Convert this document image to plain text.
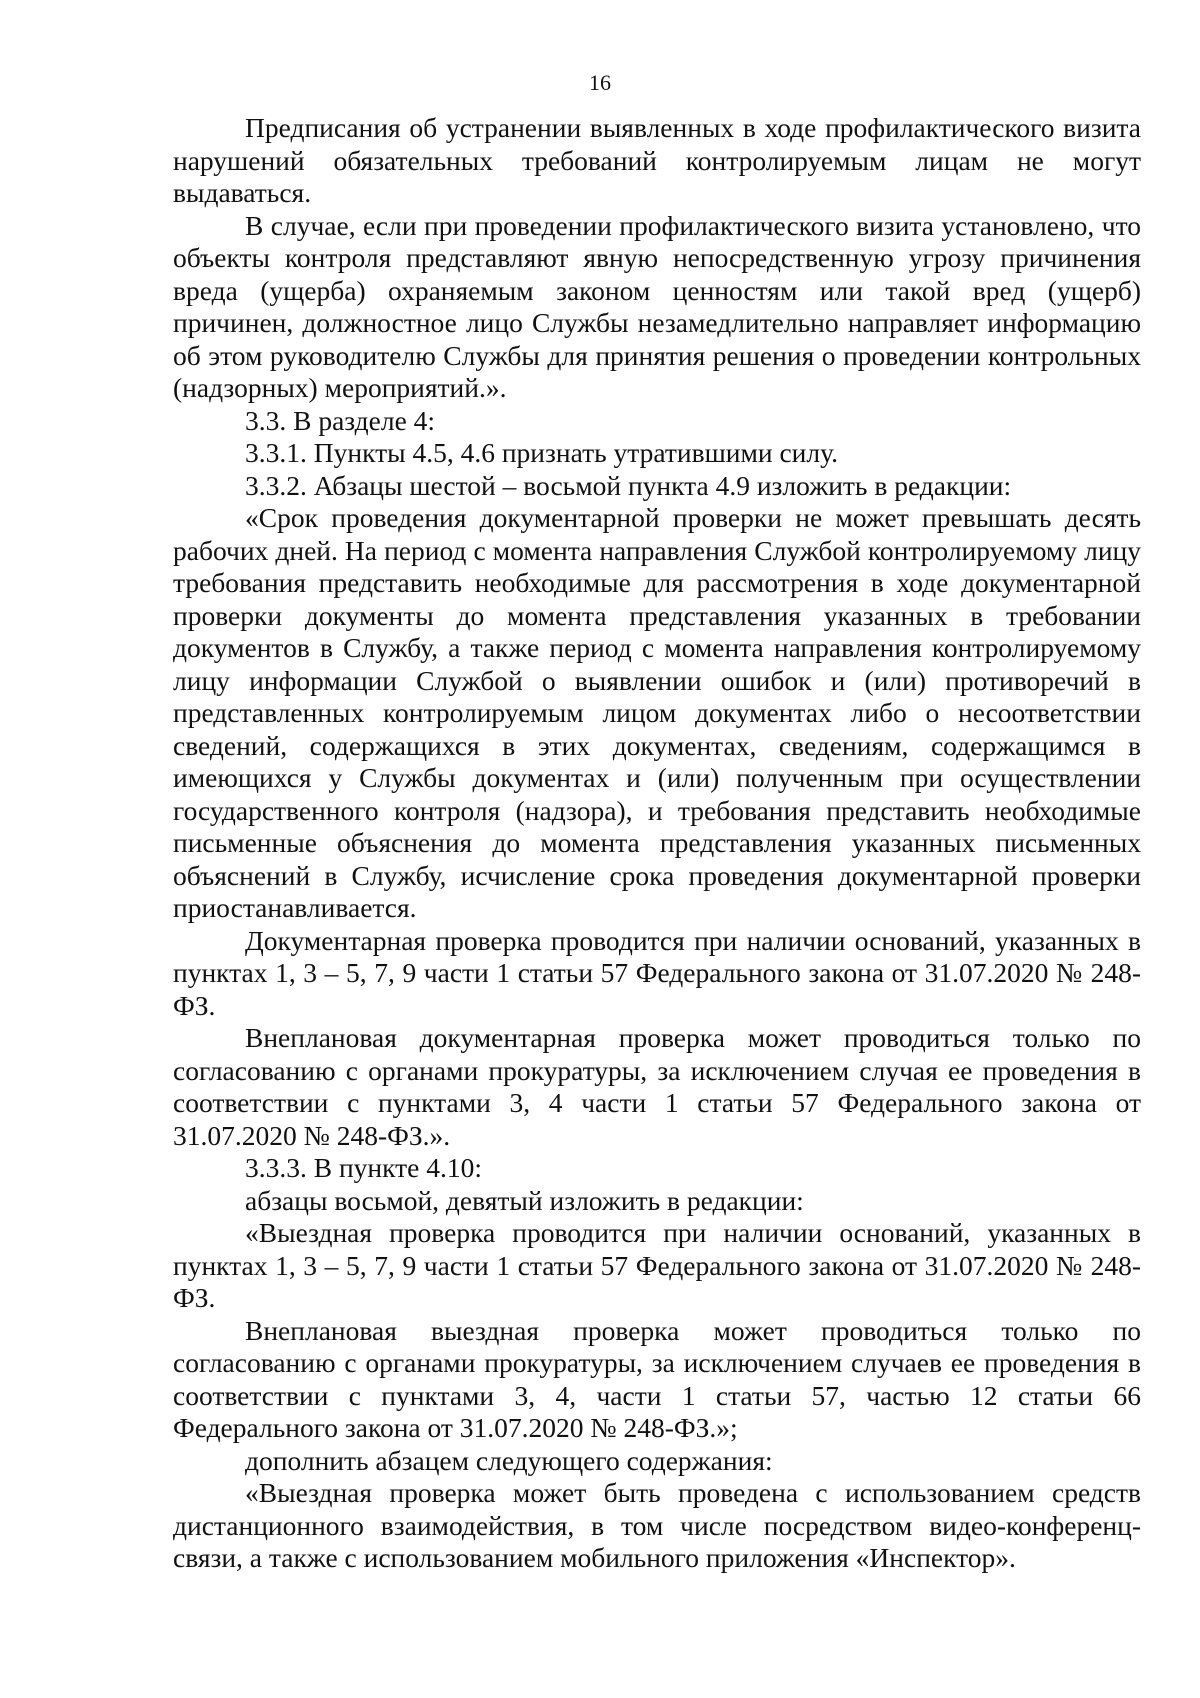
16

Предписания об устранении выявленных в ходе профилактического визита нарушений обязательных требований контролируемым лицам не могут выдаваться.

В случае, если при проведении профилактического визита установлено, что объекты контроля представляют явную непосредственную угрозу причинения вреда (ущерба) охраняемым законом ценностям или такой вред (ущерб) причинен, должностное лицо Службы незамедлительно направляет информацию об этом руководителю Службы для принятия решения о проведении контрольных (надзорных) мероприятий.».

3.3. В разделе 4:

3.3.1. Пункты 4.5, 4.6 признать утратившими силу.

3.3.2. Абзацы шестой – восьмой пункта 4.9 изложить в редакции:

«Срок проведения документарной проверки не может превышать десять рабочих дней. На период с момента направления Службой контролируемому лицу требования представить необходимые для рассмотрения в ходе документарной проверки документы до момента представления указанных в требовании документов в Службу, а также период с момента направления контролируемому лицу информации Службой о выявлении ошибок и (или) противоречий в представленных контролируемым лицом документах либо о несоответствии сведений, содержащихся в этих документах, сведениям, содержащимся в имеющихся у Службы документах и (или) полученным при осуществлении государственного контроля (надзора), и требования представить необходимые письменные объяснения до момента представления указанных письменных объяснений в Службу, исчисление срока проведения документарной проверки приостанавливается.

Документарная проверка проводится при наличии оснований, указанных в пунктах 1, 3 – 5, 7, 9 части 1 статьи 57 Федерального закона от 31.07.2020 № 248-ФЗ.

Внеплановая документарная проверка может проводиться только по согласованию с органами прокуратуры, за исключением случая ее проведения в соответствии с пунктами 3, 4 части 1 статьи 57 Федерального закона от 31.07.2020 № 248-ФЗ.».

3.3.3. В пункте 4.10:

абзацы восьмой, девятый изложить в редакции:

«Выездная проверка проводится при наличии оснований, указанных в пунктах 1, 3 – 5, 7, 9 части 1 статьи 57 Федерального закона от 31.07.2020 № 248-ФЗ.

Внеплановая выездная проверка может проводиться только по согласованию с органами прокуратуры, за исключением случаев ее проведения в соответствии с пунктами 3, 4, части 1 статьи 57, частью 12 статьи 66 Федерального закона от 31.07.2020 № 248-ФЗ.»;

дополнить абзацем следующего содержания:

«Выездная проверка может быть проведена с использованием средств дистанционного взаимодействия, в том числе посредством видео-конференц-связи, а также с использованием мобильного приложения «Инспектор».
